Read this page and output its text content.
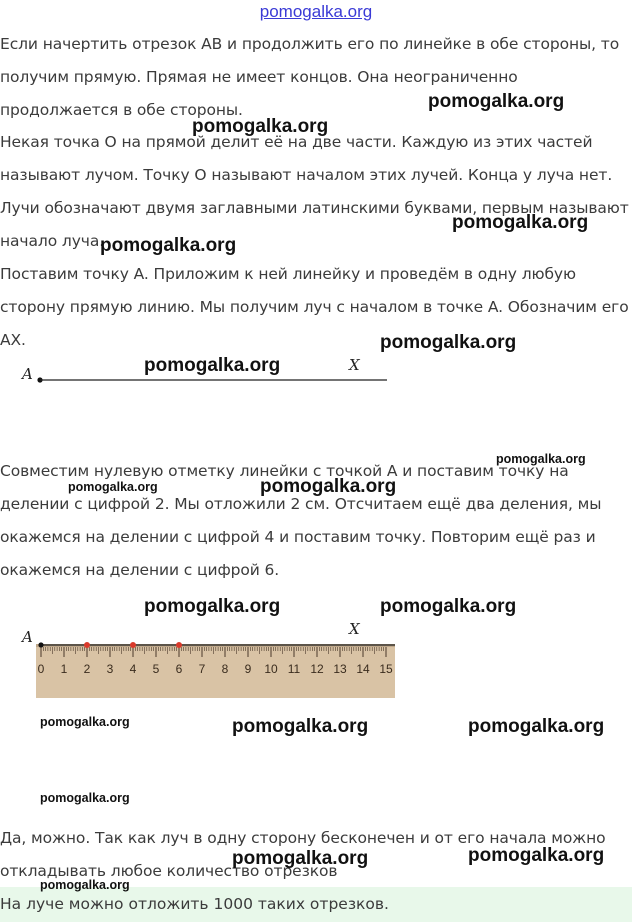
pomogalka.org

Если начертить отрезок AB и продолжить его по линейке в обе стороны, то получим прямую. Прямая не имеет концов. Она неограниченно продолжается в обе стороны.

Некая точка O на прямой делит её на две части. Каждую из этих частей называют лучом. Точку O называют началом этих лучей. Конца у луча нет. Лучи обозначают двумя заглавными латинскими буквами, первым называют начало луча.

Поставим точку A. Приложим к ней линейку и проведём в одну любую сторону прямую линию. Мы получим луч с началом в точке A. Обозначим его AX.

A	X

Совместим нулевую отметку линейки с точкой A и поставим точку на делении с цифрой 2. Мы отложили 2 см. Отсчитаем ещё два деления, мы окажемся на делении с цифрой 4 и поставим точку. Повторим ещё раз и окажемся на делении с цифрой 6.

A	X
0 1 2 3 4 5 6 7 8 9 10 11 12 13 14 15

Да, можно. Так как луч в одну сторону бесконечен и от его начала можно откладывать любое количество отрезков

На луче можно отложить 1000 таких отрезков.
pomogalka.org
pomogalka.org
pomogalka.org
pomogalka.org
pomogalka.org
pomogalka.org
pomogalka.org
pomogalka.org	pomogalka.org
pomogalka.org	pomogalka.org
pomogalka.org	pomogalka.org	pomogalka.org
pomogalka.org
pomogalka.org	pomogalka.org
pomogalka.org
